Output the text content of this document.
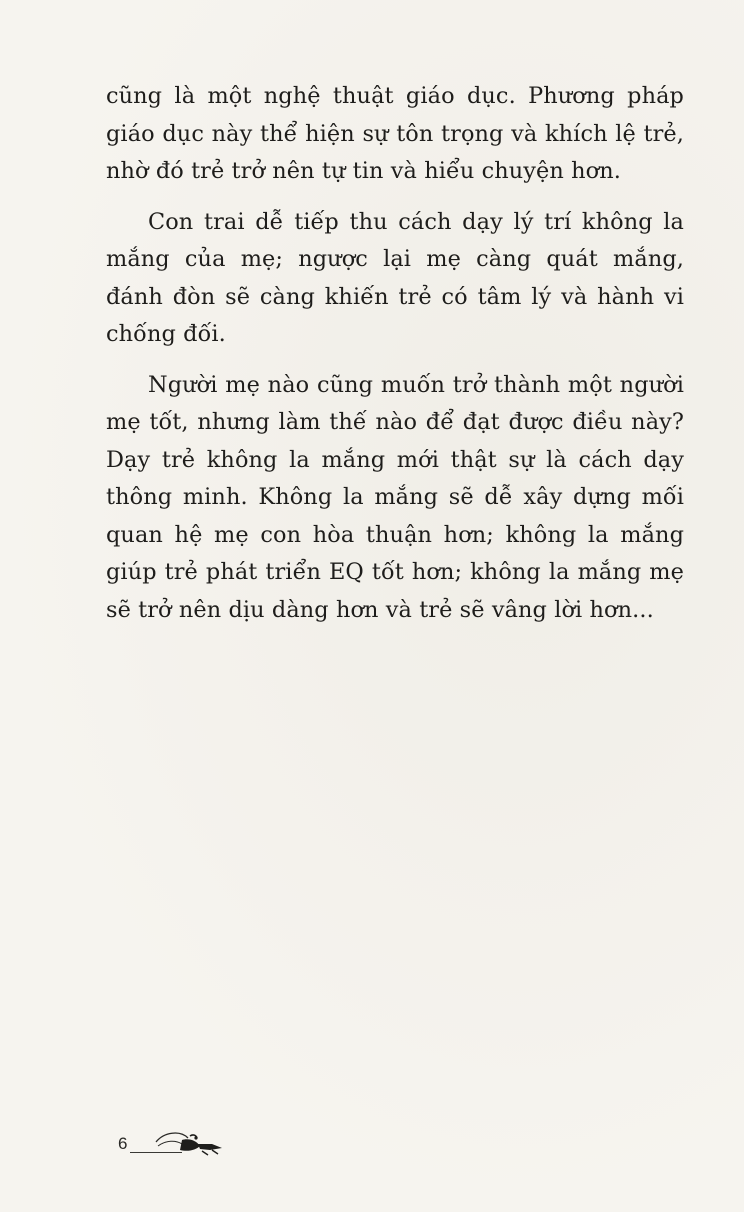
cũng là một nghệ thuật giáo dục. Phương pháp giáo dục này thể hiện sự tôn trọng và khích lệ trẻ, nhờ đó trẻ trở nên tự tin và hiểu chuyện hơn.

Con trai dễ tiếp thu cách dạy lý trí không la mắng của mẹ; ngược lại mẹ càng quát mắng, đánh đòn sẽ càng khiến trẻ có tâm lý và hành vi chống đối.

Người mẹ nào cũng muốn trở thành một người mẹ tốt, nhưng làm thế nào để đạt được điều này? Dạy trẻ không la mắng mới thật sự là cách dạy thông minh. Không la mắng sẽ dễ xây dựng mối quan hệ mẹ con hòa thuận hơn; không la mắng giúp trẻ phát triển EQ tốt hơn; không la mắng mẹ sẽ trở nên dịu dàng hơn và trẻ sẽ vâng lời hơn...

6
